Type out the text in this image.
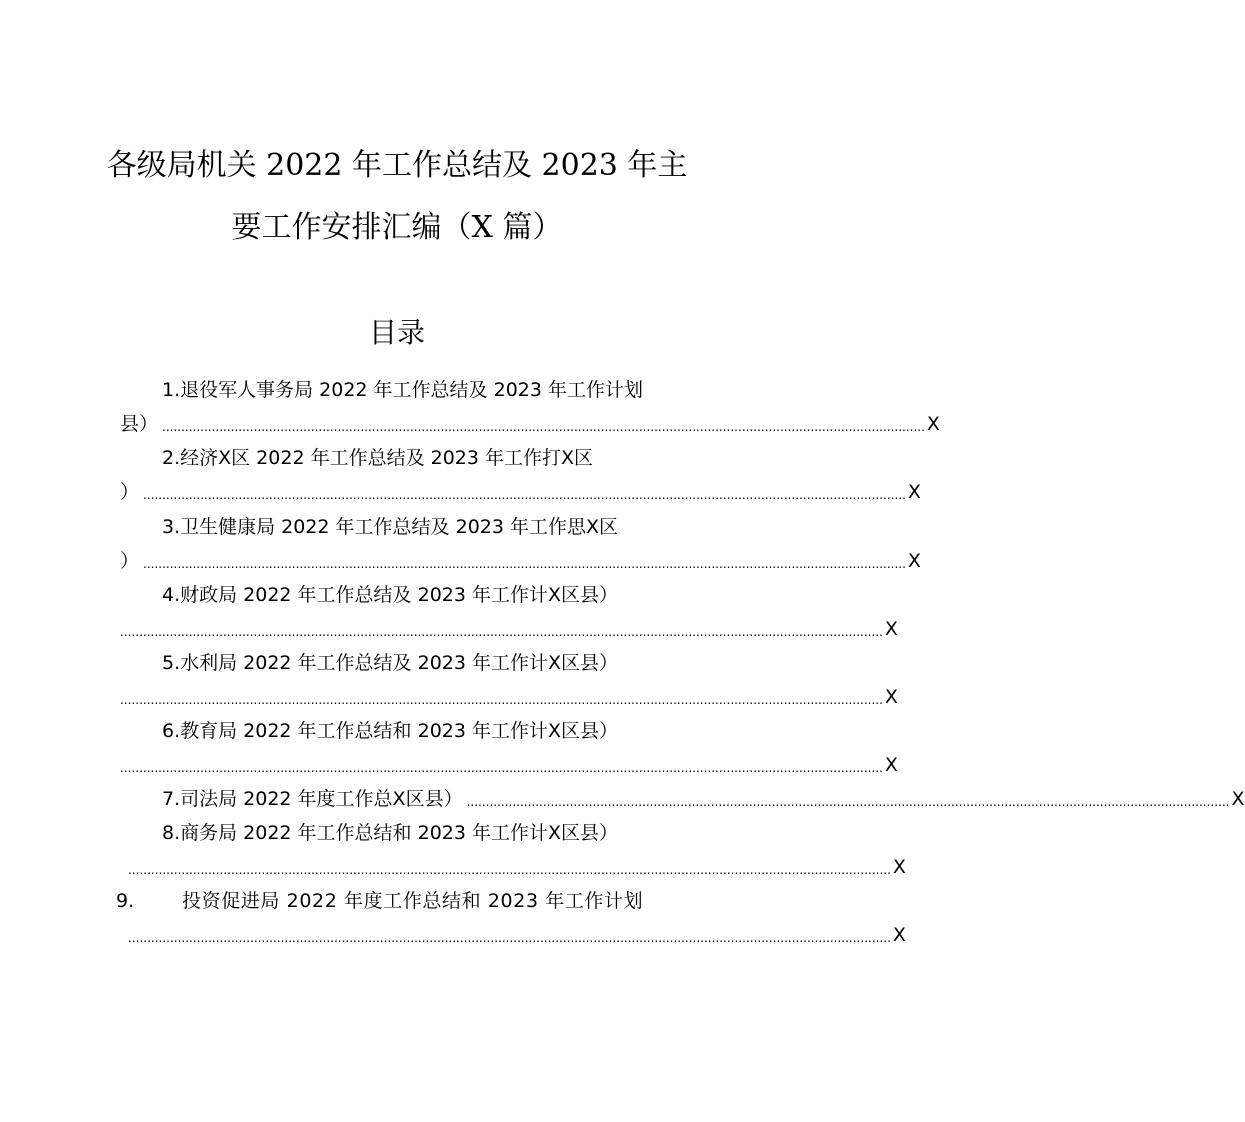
各级局机关 2022 年工作总结及 2023 年主
要工作安排汇编（X 篇）
目录
1.退役军人事务局 2022 年工作总结及 2023 年工作计划
县） ........................................................................................................................................................................................................ X
2.经济X区 2022 年工作总结及 2023 年工作打X区
） ........................................................................................................................................................................................................ X
3.卫生健康局 2022 年工作总结及 2023 年工作思X区
） ........................................................................................................................................................................................................ X
4.财政局 2022 年工作总结及 2023 年工作计X区县）
........................................................................................................................................................................................................ X
5.水利局 2022 年工作总结及 2023 年工作计X区县）
........................................................................................................................................................................................................ X
6.教育局 2022 年工作总结和 2023 年工作计X区县）
........................................................................................................................................................................................................ X
7.司法局 2022 年度工作总X区县） ........................................................................................................................................................................................................ X
8.商务局 2022 年工作总结和 2023 年工作计X区县）
........................................................................................................................................................................................................ X
9.	投资促进局 2022 年度工作总结和 2023 年工作计划
........................................................................................................................................................................................................ X
